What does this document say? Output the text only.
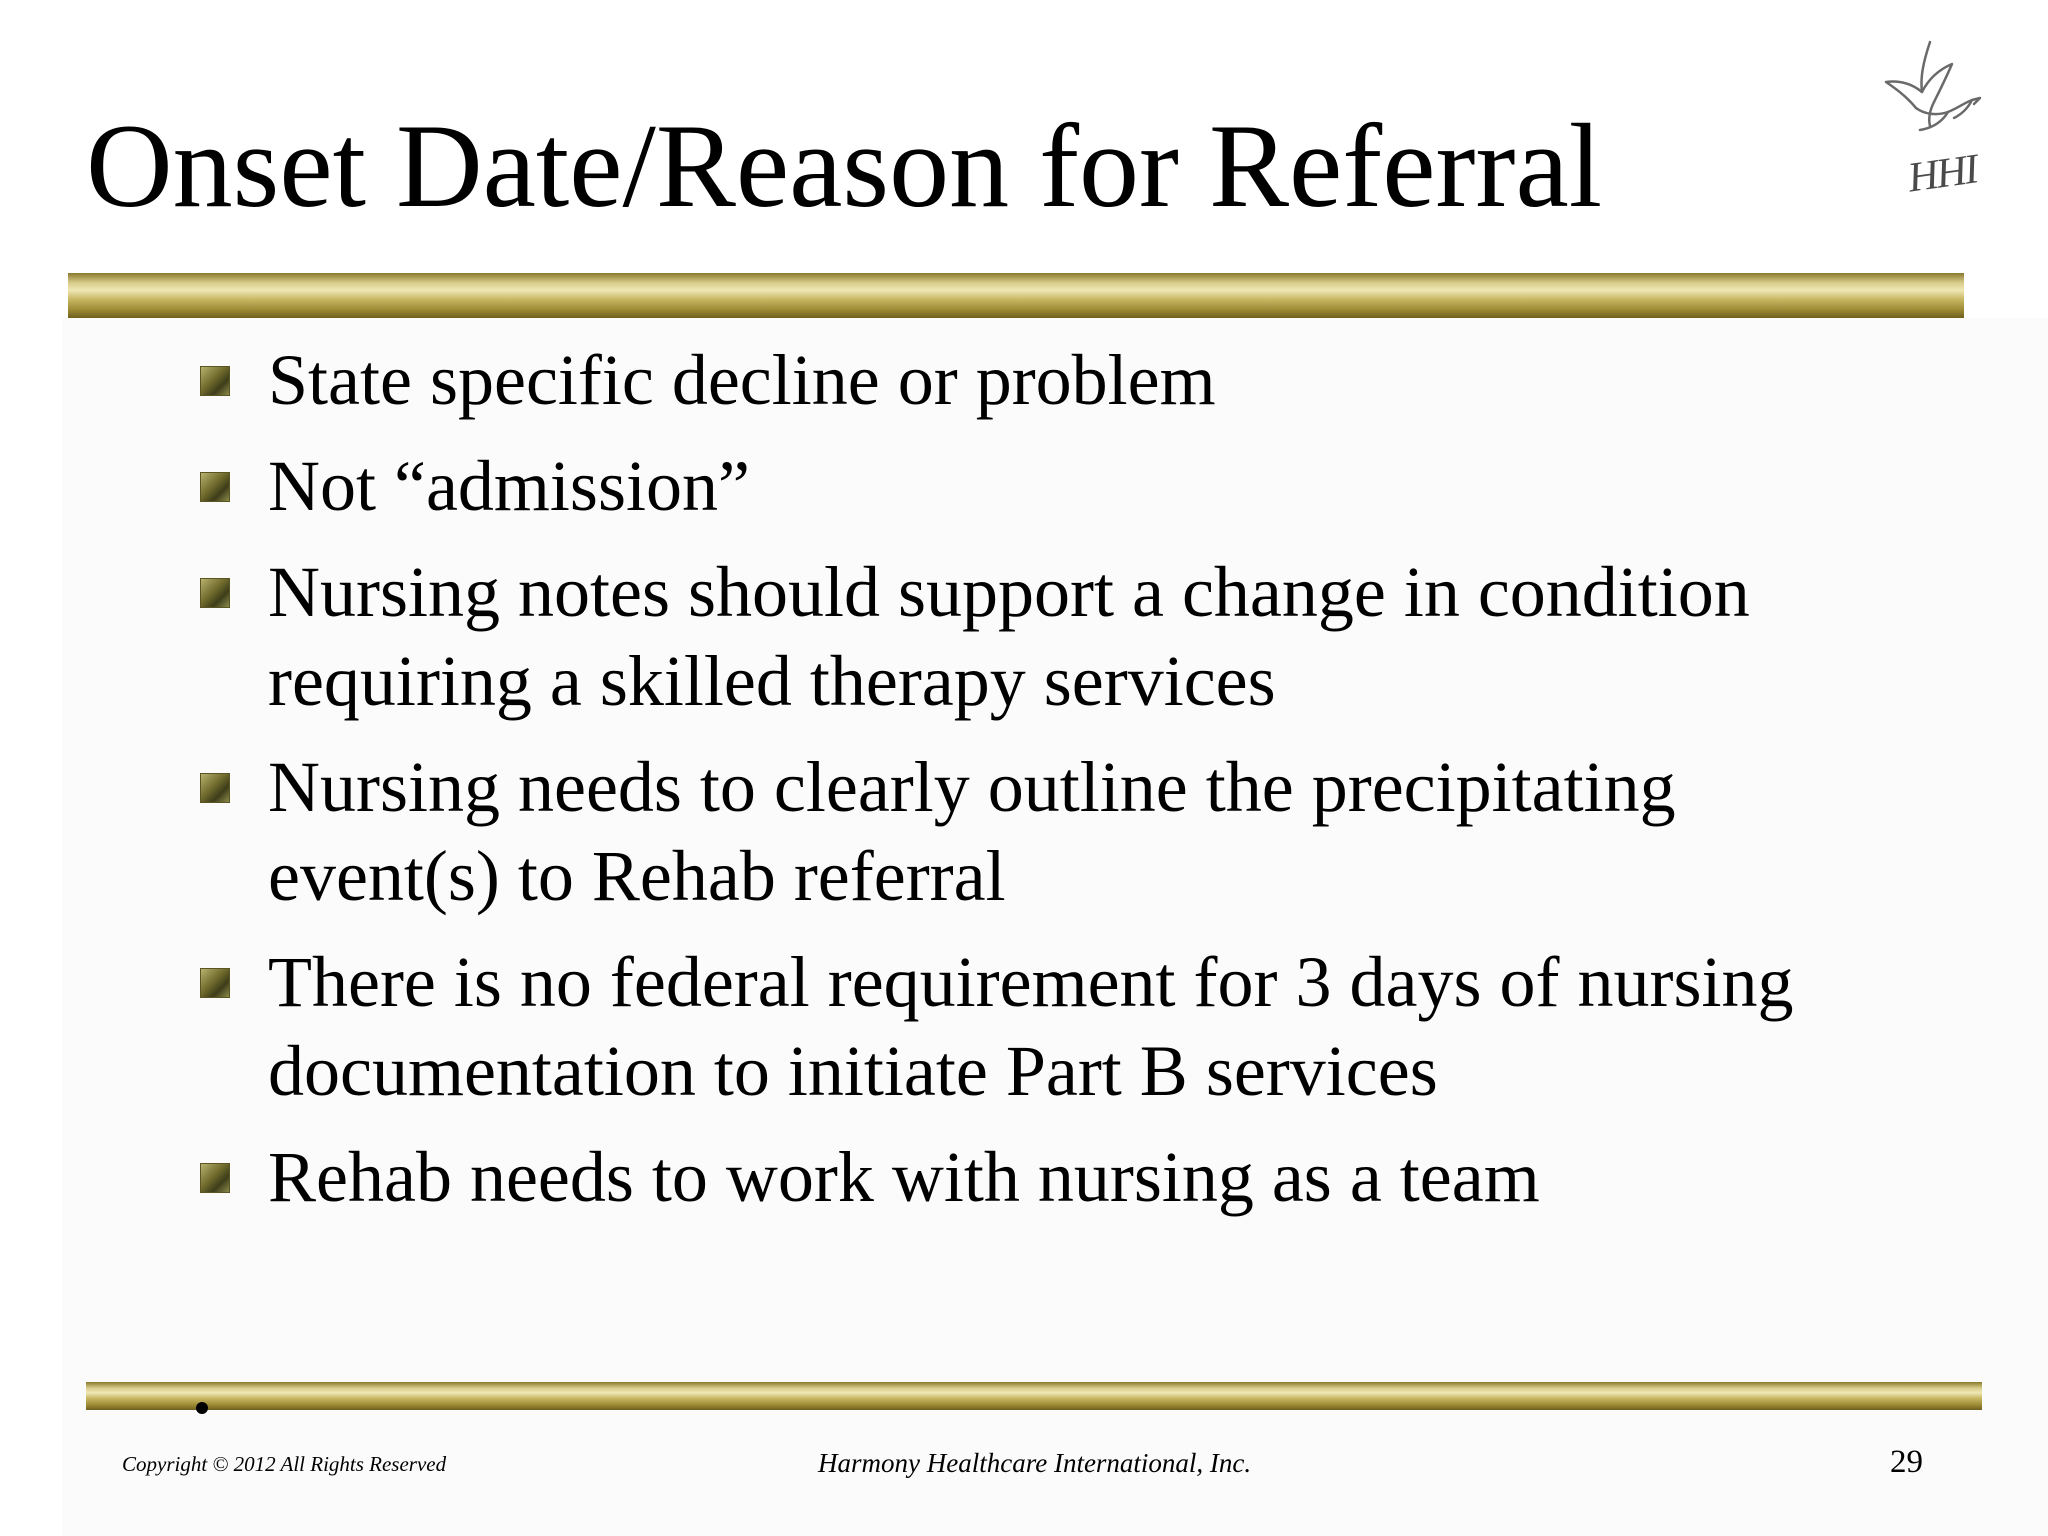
Onset Date/Reason for Referral	HHI
State specific decline or problem
Not “admission”
Nursing notes should support a change in condition requiring a skilled therapy services
Nursing needs to clearly outline the precipitating event(s) to Rehab referral
There is no federal requirement for 3 days of nursing documentation to initiate Part B services
Rehab needs to work with nursing as a team
Copyright © 2012 All Rights Reserved	Harmony Healthcare International, Inc.	29
